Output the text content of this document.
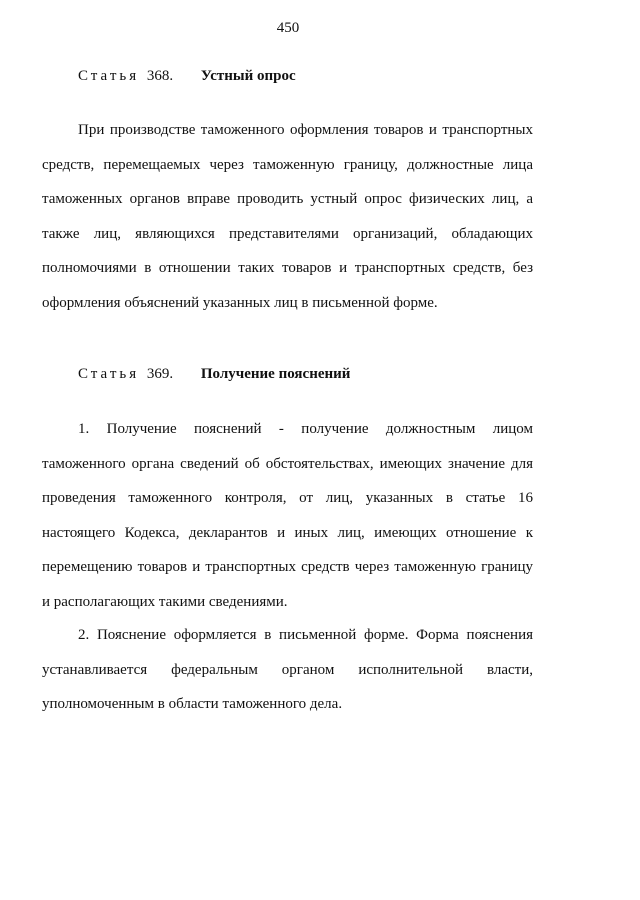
450
Статья 368. Устный опрос

При производстве таможенного оформления товаров и транспортных средств, перемещаемых через таможенную границу, должностные лица таможенных органов вправе проводить устный опрос физических лиц, а также лиц, являющихся представителями организаций, обладающих полномочиями в отношении таких товаров и транспортных средств, без оформления объяснений указанных лиц в письменной форме.

Статья 369. Получение пояснений

1. Получение пояснений - получение должностным лицом таможенного органа сведений об обстоятельствах, имеющих значение для проведения таможенного контроля, от лиц, указанных в статье 16 настоящего Кодекса, декларантов и иных лиц, имеющих отношение к перемещению товаров и транспортных средств через таможенную границу и располагающих такими сведениями.

2. Пояснение оформляется в письменной форме. Форма пояснения устанавливается федеральным органом исполнительной власти, уполномоченным в области таможенного дела.
